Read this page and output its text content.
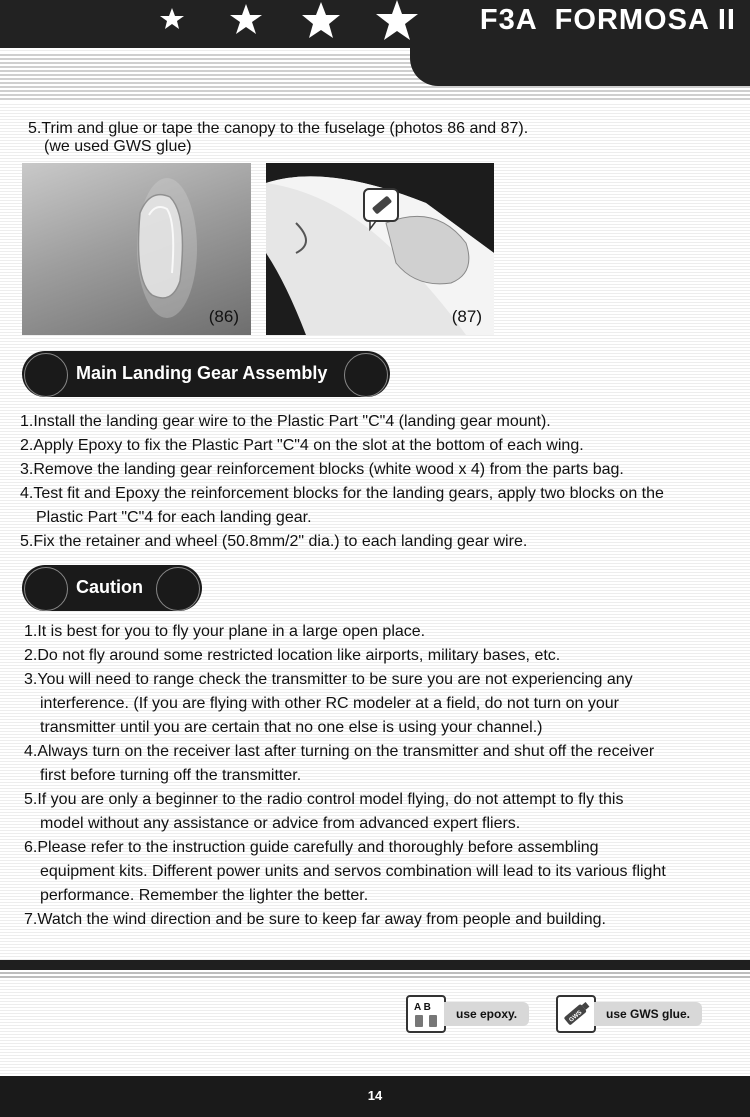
F3A  FORMOSA II
5.Trim and glue or tape the canopy to the fuselage (photos 86 and 87).
(we used GWS glue)
(86)	(87)
Main Landing Gear Assembly
1.Install the landing gear wire to the Plastic Part "C"4 (landing gear mount).
2.Apply Epoxy to fix the Plastic Part "C"4 on the slot at the bottom of each wing.
3.Remove the landing gear reinforcement blocks (white wood x 4) from the parts bag.
4.Test fit and Epoxy the reinforcement blocks for the landing gears, apply two blocks on the
Plastic Part "C"4 for each landing gear.
5.Fix the retainer and wheel (50.8mm/2" dia.) to each landing gear wire.
Caution
1.It is best for you to fly your plane in a large open place.
2.Do not fly around some restricted location like airports, military bases, etc.
3.You will need to range check the transmitter to be sure you are not experiencing any
interference. (If you are flying with other RC modeler at a field, do not turn on your
transmitter until you are certain that no one else is using your channel.)
4.Always turn on the receiver last after turning on the transmitter and shut off the receiver
first before turning off the transmitter.
5.If you are only a beginner to the radio control model flying, do not attempt to fly this
model without any assistance or advice from advanced expert fliers.
6.Please refer to the instruction guide carefully and thoroughly before assembling
equipment kits. Different power units and servos combination will lead to its various flight
performance. Remember the lighter the better.
7.Watch the wind direction and be sure to keep far away from people and building.
A B	use epoxy.	GWS	use GWS glue.
14
